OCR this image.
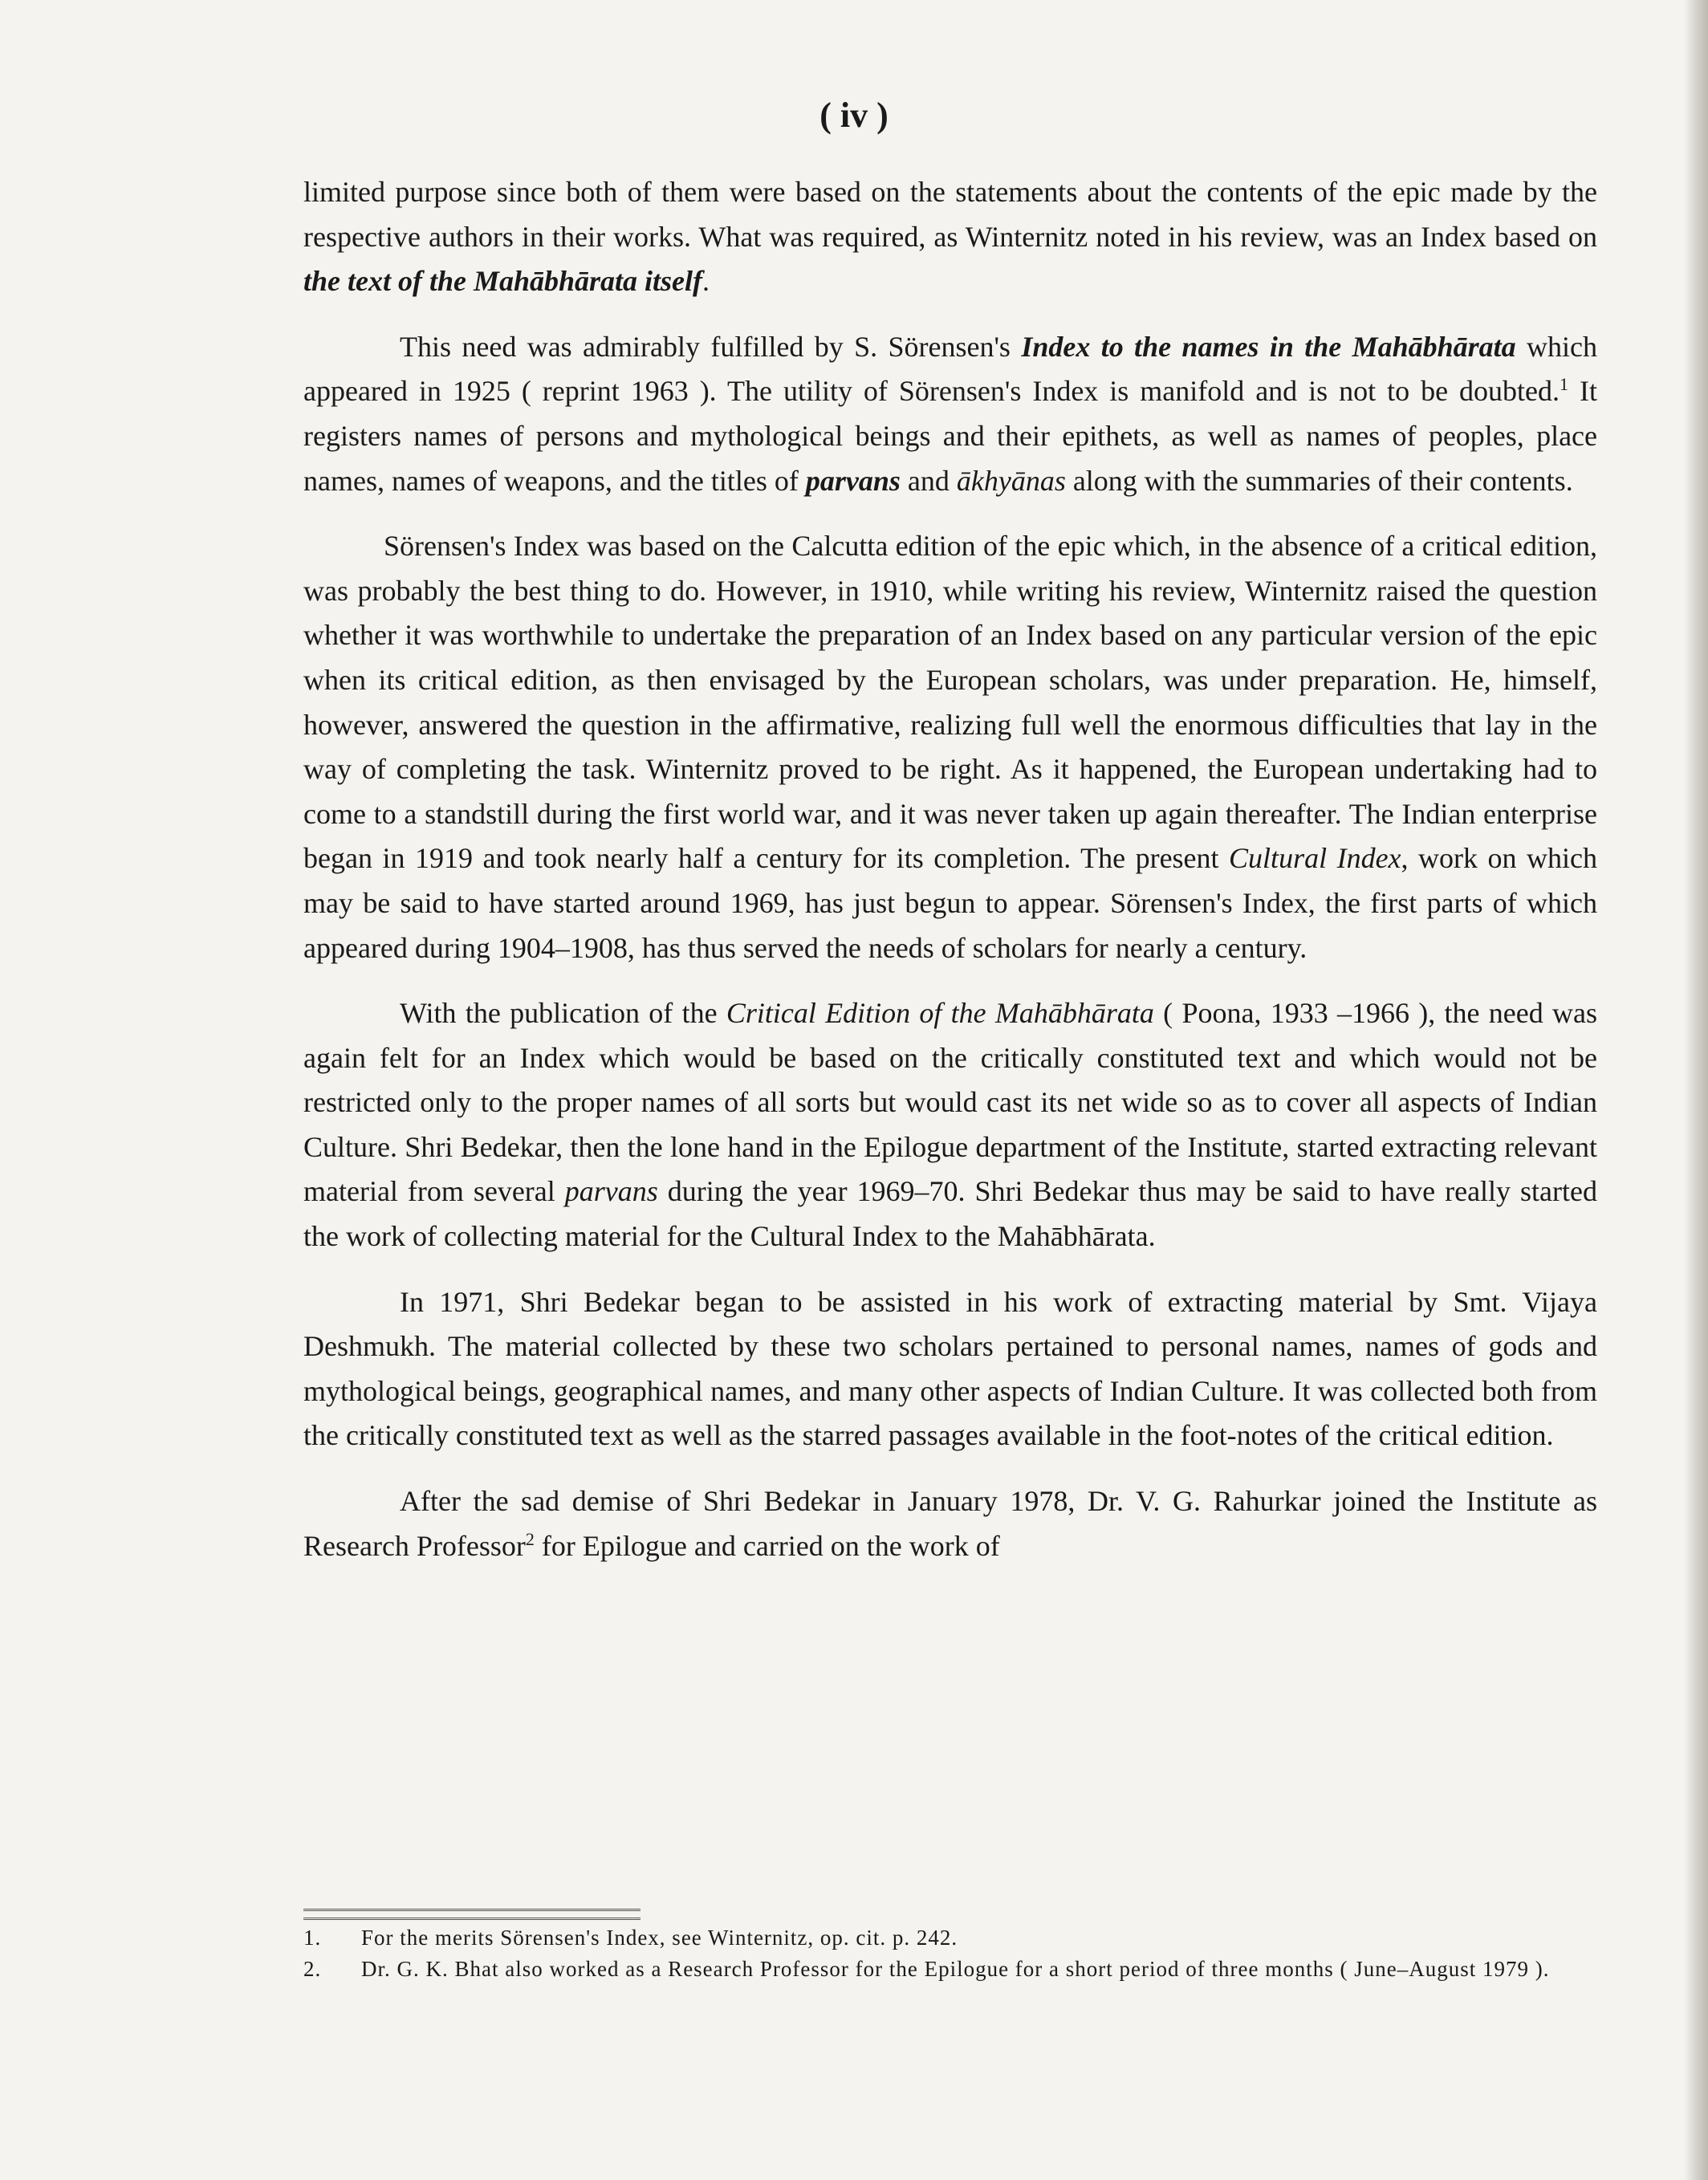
( iv )

limited purpose since both of them were based on the statements about the contents of the epic made by the respective authors in their works. What was required, as Winternitz noted in his review, was an Index based on the text of the Mahābhārata itself.

This need was admirably fulfilled by S. Sörensen's Index to the names in the Mahābhārata which appeared in 1925 ( reprint 1963 ). The utility of Sörensen's Index is manifold and is not to be doubted.$^1$ It registers names of persons and mythological beings and their epithets, as well as names of peoples, place names, names of weapons, and the titles of parvans and ākhyānas along with the summaries of their contents.

Sörensen's Index was based on the Calcutta edition of the epic which, in the absence of a critical edition, was probably the best thing to do. However, in 1910, while writing his review, Winternitz raised the question whether it was worthwhile to undertake the preparation of an Index based on any particular version of the epic when its critical edition, as then envisaged by the European scholars, was under preparation. He, himself, however, answered the question in the affirmative, realizing full well the enormous difficulties that lay in the way of completing the task. Winternitz proved to be right. As it happened, the European undertaking had to come to a standstill during the first world war, and it was never taken up again thereafter. The Indian enterprise began in 1919 and took nearly half a century for its completion. The present Cultural Index, work on which may be said to have started around 1969, has just begun to appear. Sörensen's Index, the first parts of which appeared during 1904–1908, has thus served the needs of scholars for nearly a century.

With the publication of the Critical Edition of the Mahābhārata ( Poona, 1933 –1966 ), the need was again felt for an Index which would be based on the critically constituted text and which would not be restricted only to the proper names of all sorts but would cast its net wide so as to cover all aspects of Indian Culture. Shri Bedekar, then the lone hand in the Epilogue department of the Institute, started extracting relevant material from several parvans during the year 1969–70. Shri Bedekar thus may be said to have really started the work of collecting material for the Cultural Index to the Mahābhārata.

In 1971, Shri Bedekar began to be assisted in his work of extracting material by Smt. Vijaya Deshmukh. The material collected by these two scholars pertained to personal names, names of gods and mythological beings, geographical names, and many other aspects of Indian Culture. It was collected both from the critically constituted text as well as the starred passages available in the foot-notes of the critical edition.

After the sad demise of Shri Bedekar in January 1978, Dr. V. G. Rahurkar joined the Institute as Research Professor$^2$ for Epilogue and carried on the work of

1.	For the merits Sörensen's Index, see Winternitz, op. cit. p. 242.
2.	Dr. G. K. Bhat also worked as a Research Professor for the Epilogue for a short period of three months ( June–August 1979 ).
